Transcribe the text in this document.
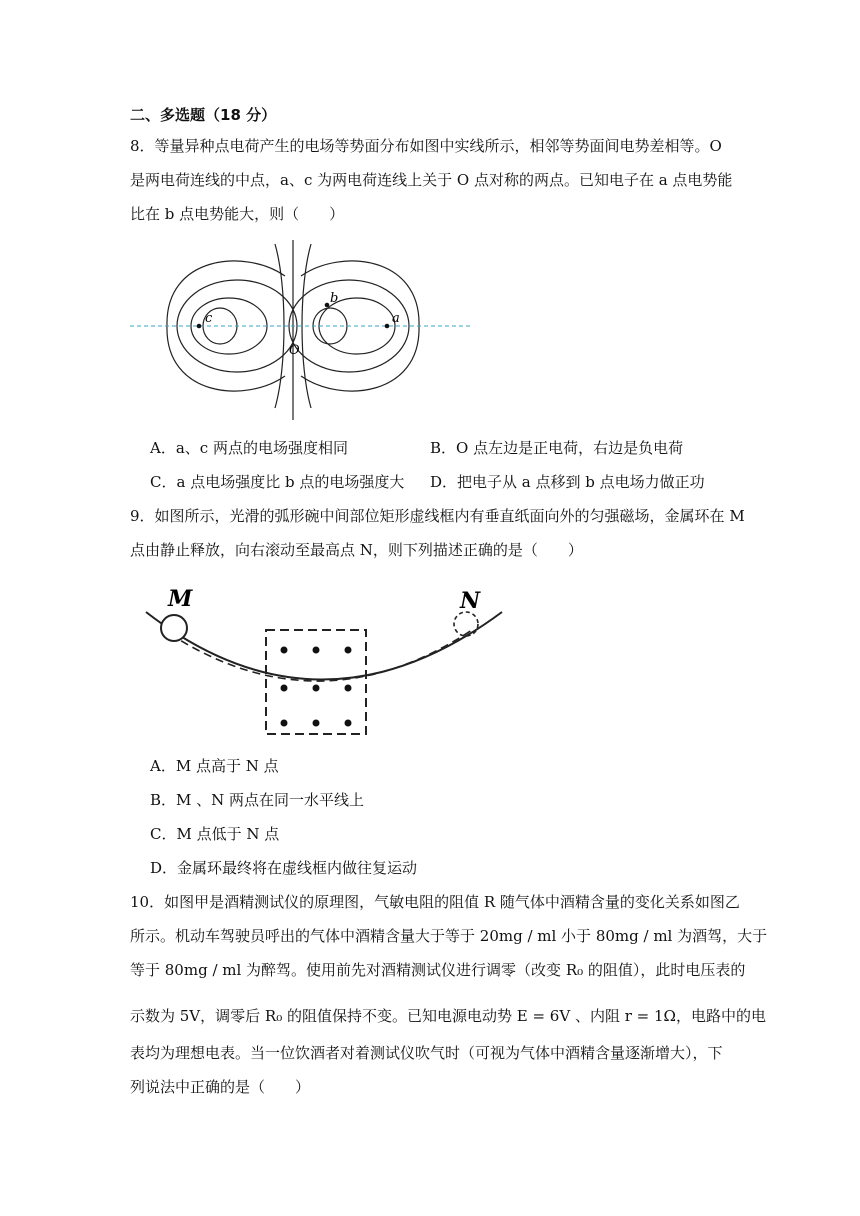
二、多选题（18 分）
8．等量异种点电荷产生的电场等势面分布如图中实线所示，相邻等势面间电势差相等。O
是两电荷连线的中点，a、c 为两电荷连线上关于 O 点对称的两点。已知电子在 a 点电势能
比在 b 点电势能大，则（　　）
c	a
b
O
A．a、c 两点的电场强度相同	B．O 点左边是正电荷，右边是负电荷
C．a 点电场强度比 b 点的电场强度大 D．把电子从 a 点移到 b 点电场力做正功
9．如图所示，光滑的弧形碗中间部位矩形虚线框内有垂直纸面向外的匀强磁场，金属环在 M
点由静止释放，向右滚动至最高点 N，则下列描述正确的是（　　）
M	N
A．M 点高于 N 点
B．M 、N 两点在同一水平线上
C．M 点低于 N 点
D．金属环最终将在虚线框内做往复运动
10．如图甲是酒精测试仪的原理图，气敏电阻的阻值 R 随气体中酒精含量的变化关系如图乙
所示。机动车驾驶员呼出的气体中酒精含量大于等于 20mg / ml 小于 80mg / ml 为酒驾，大于
等于 80mg / ml 为醉驾。使用前先对酒精测试仪进行调零（改变 R₀ 的阻值），此时电压表的
示数为 5V，调零后 R₀ 的阻值保持不变。已知电源电动势 E = 6V 、内阻 r = 1Ω，电路中的电
表均为理想电表。当一位饮酒者对着测试仪吹气时（可视为气体中酒精含量逐渐增大），下
列说法中正确的是（　　）
